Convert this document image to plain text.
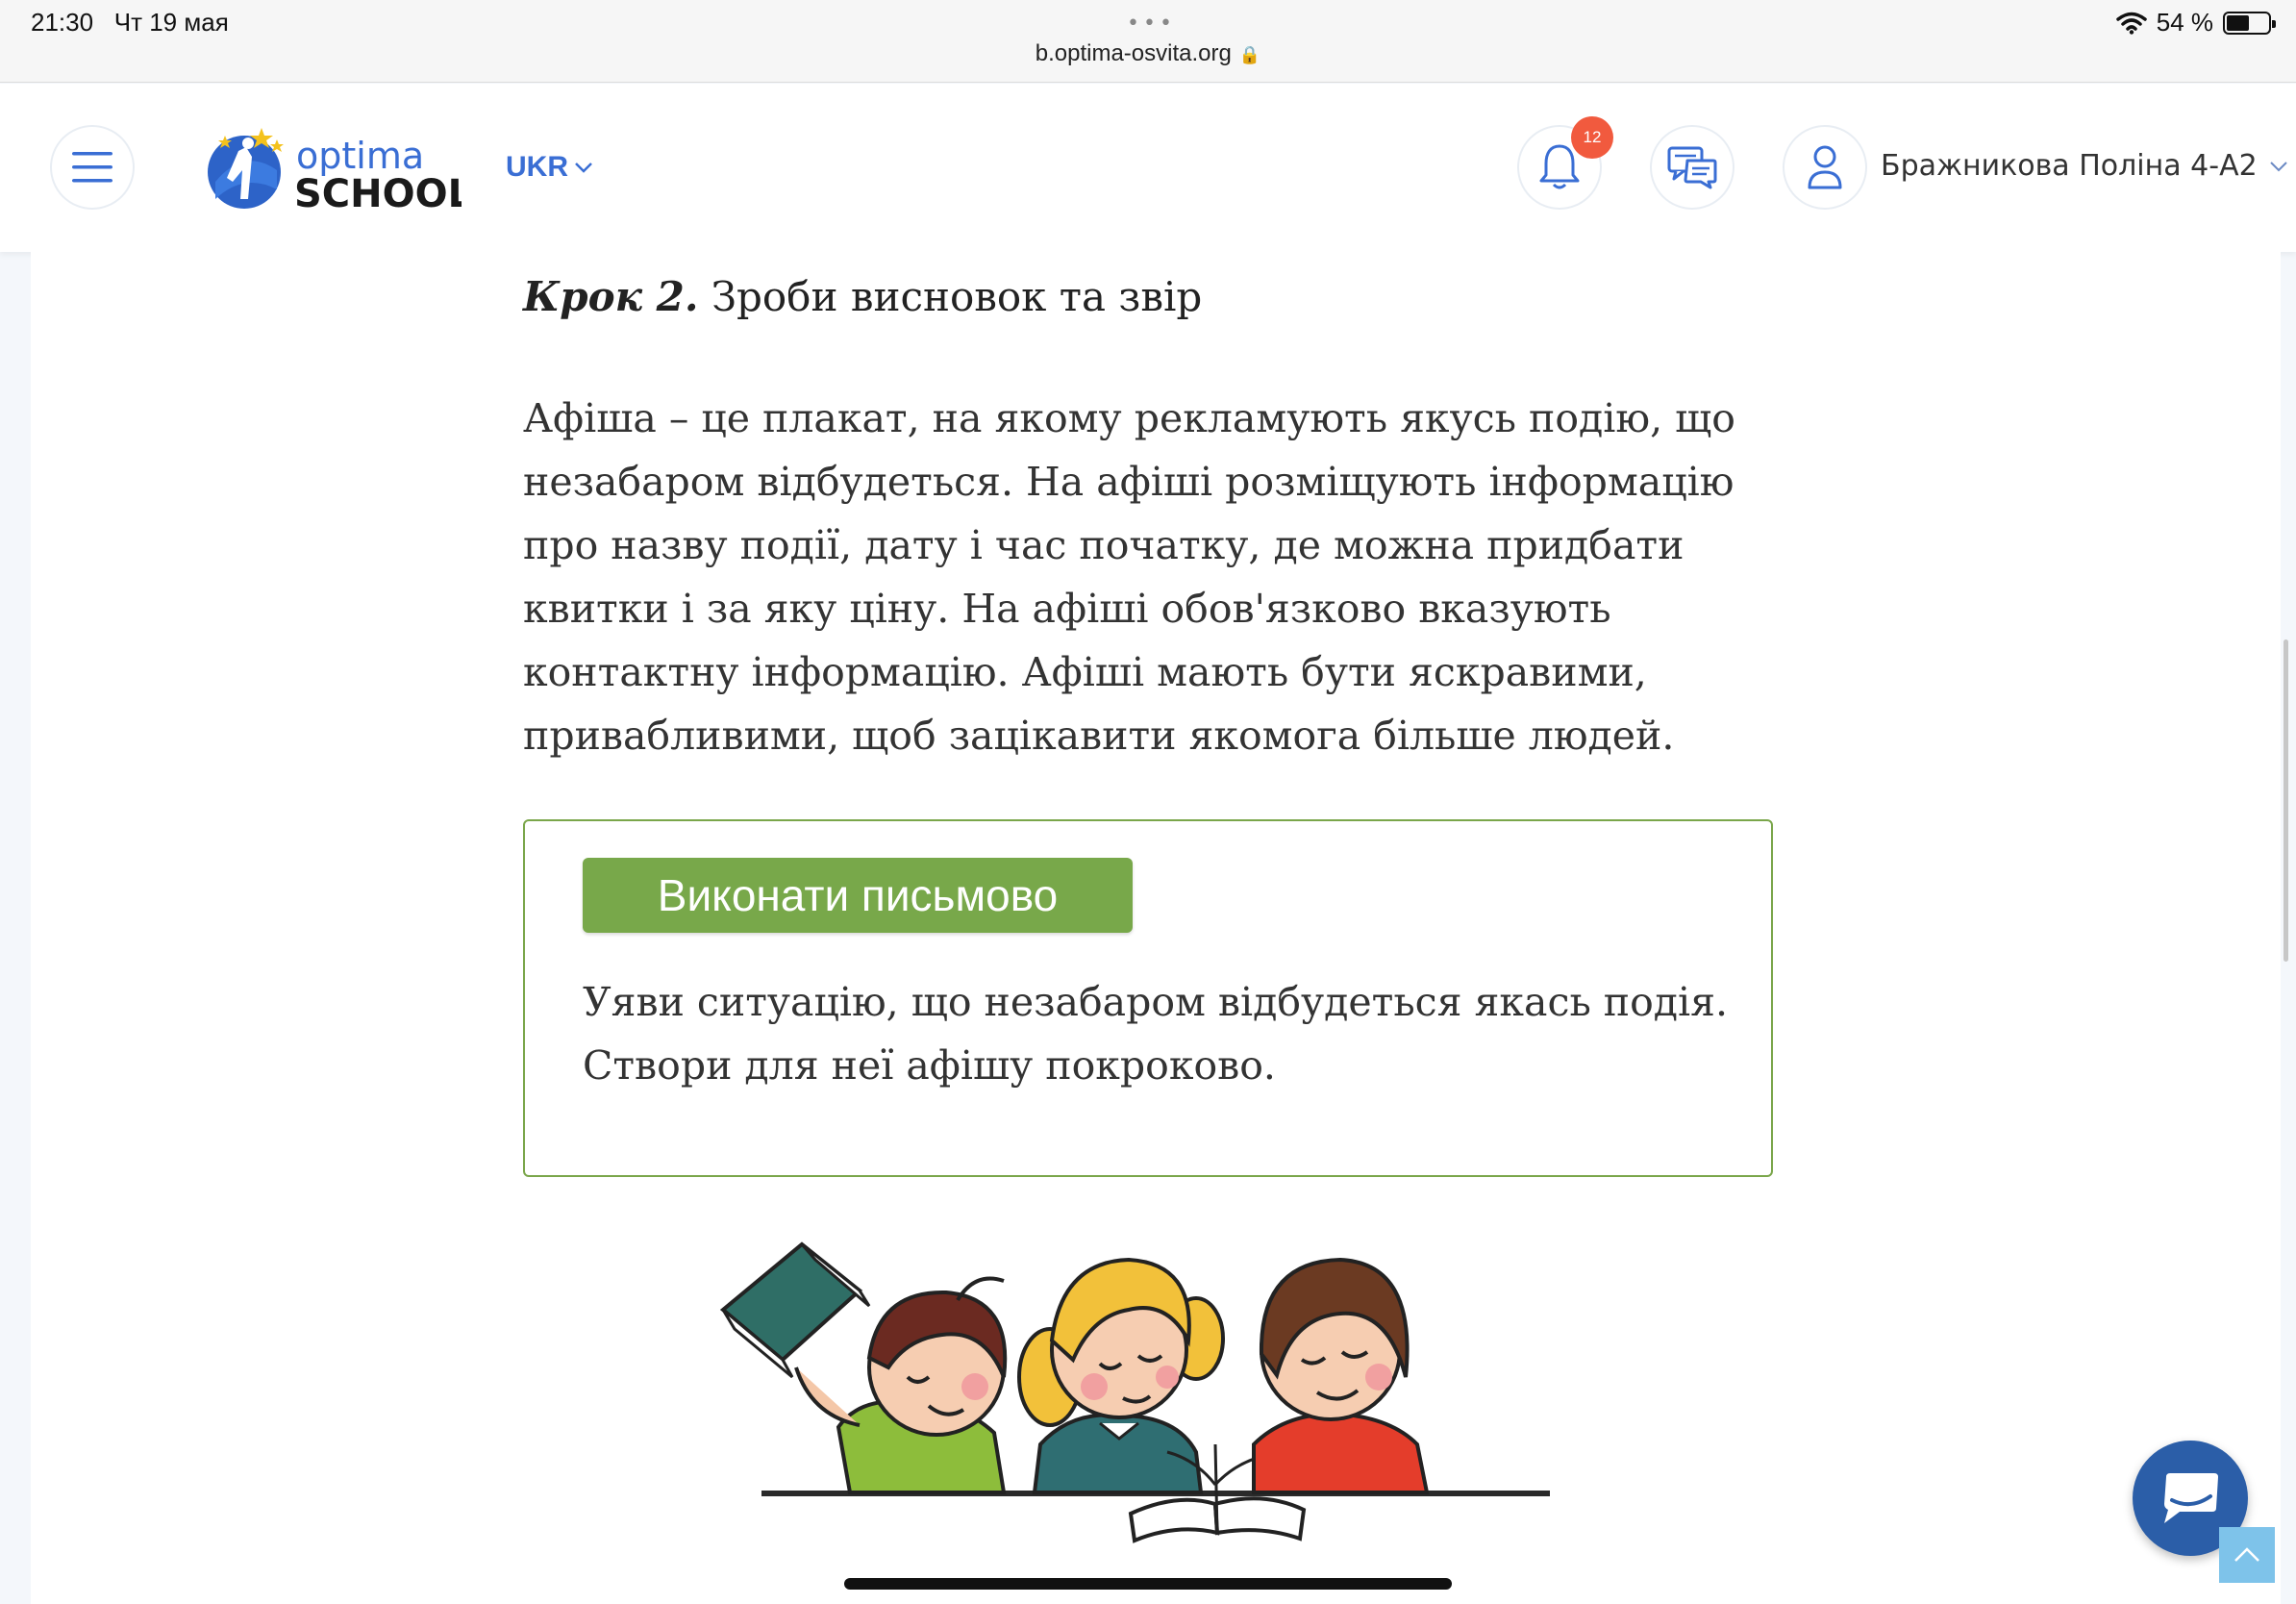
21:30 Чт 19 мая	•••
b.optima-osvita.org 🔒
54 %
optima
SCHOOL
UKR
12
Бражникова Поліна 4-А2
Крок 2. Зроби висновок та звір

Афіша – це плакат, на якому рекламують якусь подію, що незабаром відбудеться. На афіші розміщують інформацію про назву події, дату і час початку, де можна придбати квитки і за яку ціну. На афіші обов'язково вказують контактну інформацію. Афіші мають бути яскравими, привабливими, щоб зацікавити якомога більше людей.

Виконати письмово

Уяви ситуацію, що незабаром відбудеться якась подія. Створи для неї афішу покроково.
